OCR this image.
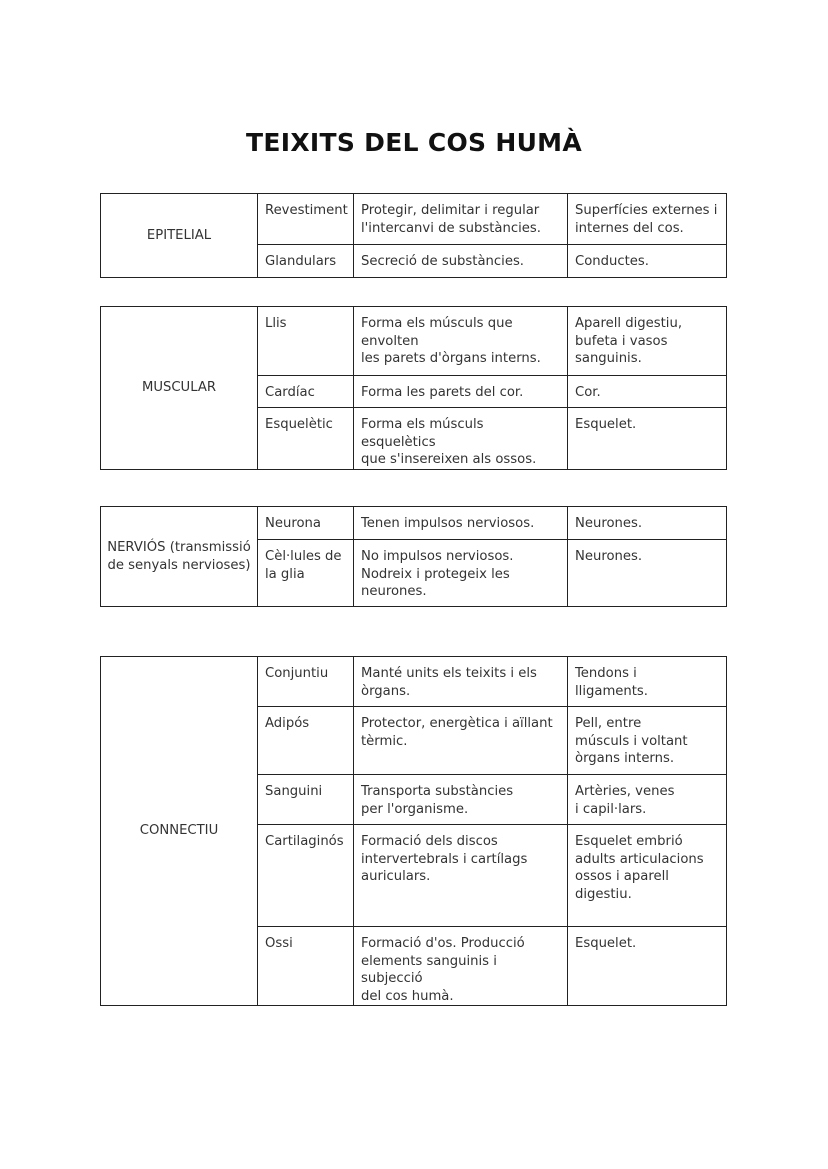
TEIXITS DEL COS HUMÀ
EPITELIAL	Revestiment	Protegir, delimitar i regular
l'intercanvi de substàncies.	Superfícies externes i
internes del cos.
	Glandulars	Secreció de substàncies.	Conductes.
MUSCULAR	Llis	Forma els músculs que
envolten
les parets d'òrgans interns.	Aparell digestiu,
bufeta i vasos
sanguinis.
	Cardíac	Forma les parets del cor.	Cor.
	Esquelètic	Forma els músculs esquelètics
que s'insereixen als ossos.	Esquelet.
NERVIÓS (transmissió de senyals nervioses)	Neurona	Tenen impulsos nerviosos.	Neurones.
	Cèl·lules de
la glia	No impulsos nerviosos.
Nodreix i protegeix les
neurones.	Neurones.
CONNECTIU	Conjuntiu	Manté units els teixits i els
òrgans.	Tendons i
lligaments.
	Adipós	Protector, energètica i aïllant
tèrmic.	Pell, entre
músculs i voltant
òrgans interns.
	Sanguini	Transporta substàncies
per l'organisme.	Artèries, venes
i capil·lars.
	Cartilaginós	Formació dels discos
intervertebrals i cartílags
auriculars.	Esquelet embrió
adults articulacions
ossos i aparell
digestiu.
	Ossi	Formació d'os. Producció
elements sanguinis i subjecció
del cos humà.	Esquelet.
